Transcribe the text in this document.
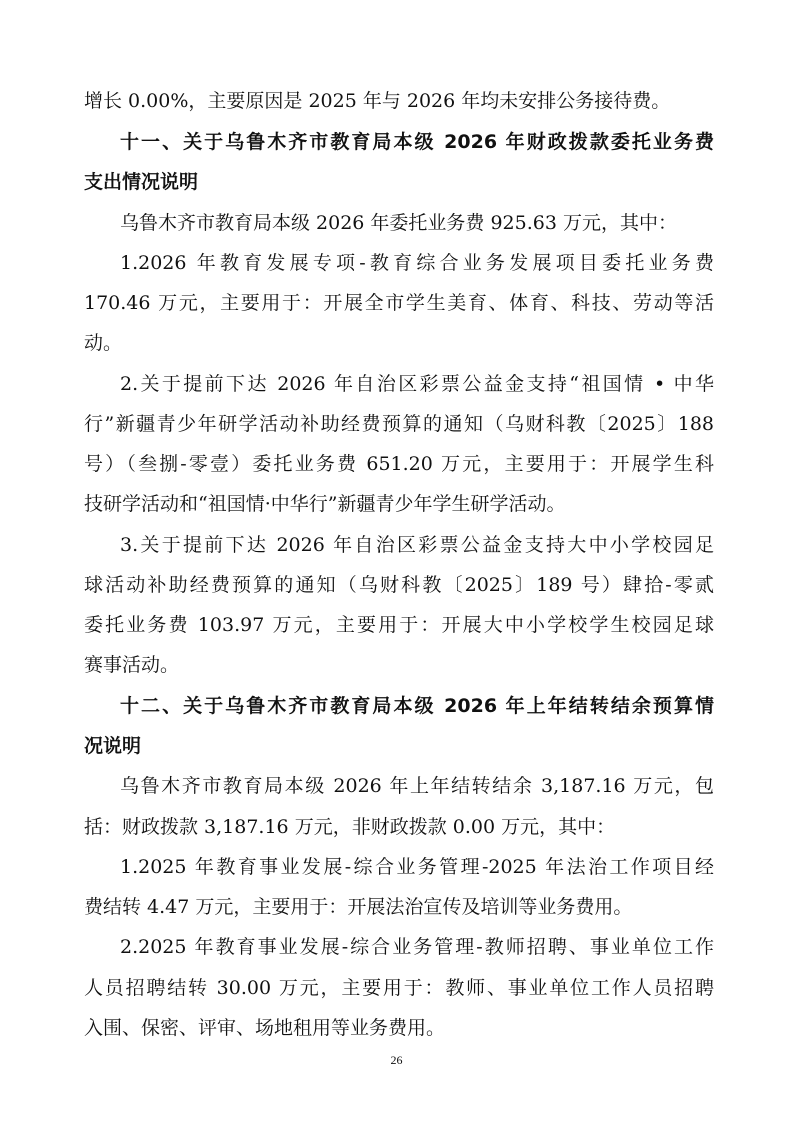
增长 0.00%，主要原因是 2025 年与 2026 年均未安排公务接待费。
十一、关于乌鲁木齐市教育局本级 2026 年财政拨款委托业务费
支出情况说明
乌鲁木齐市教育局本级 2026 年委托业务费 925.63 万元，其中：
1.2026 年教育发展专项-教育综合业务发展项目委托业务费
170.46 万元，主要用于：开展全市学生美育、体育、科技、劳动等活
动。
2.关于提前下达 2026 年自治区彩票公益金支持“祖国情 • 中华
行”新疆青少年研学活动补助经费预算的通知（乌财科教〔2025〕188
号）（叁捌-零壹）委托业务费 651.20 万元，主要用于：开展学生科
技研学活动和“祖国情·中华行”新疆青少年学生研学活动。
3.关于提前下达 2026 年自治区彩票公益金支持大中小学校园足
球活动补助经费预算的通知（乌财科教〔2025〕189 号）肆拾-零贰
委托业务费 103.97 万元，主要用于：开展大中小学校学生校园足球
赛事活动。
十二、关于乌鲁木齐市教育局本级 2026 年上年结转结余预算情
况说明
乌鲁木齐市教育局本级 2026 年上年结转结余 3,187.16 万元，包
括：财政拨款 3,187.16 万元，非财政拨款 0.00 万元，其中：
1.2025 年教育事业发展-综合业务管理-2025 年法治工作项目经
费结转 4.47 万元，主要用于：开展法治宣传及培训等业务费用。
2.2025 年教育事业发展-综合业务管理-教师招聘、事业单位工作
人员招聘结转 30.00 万元，主要用于：教师、事业单位工作人员招聘
入围、保密、评审、场地租用等业务费用。
26
